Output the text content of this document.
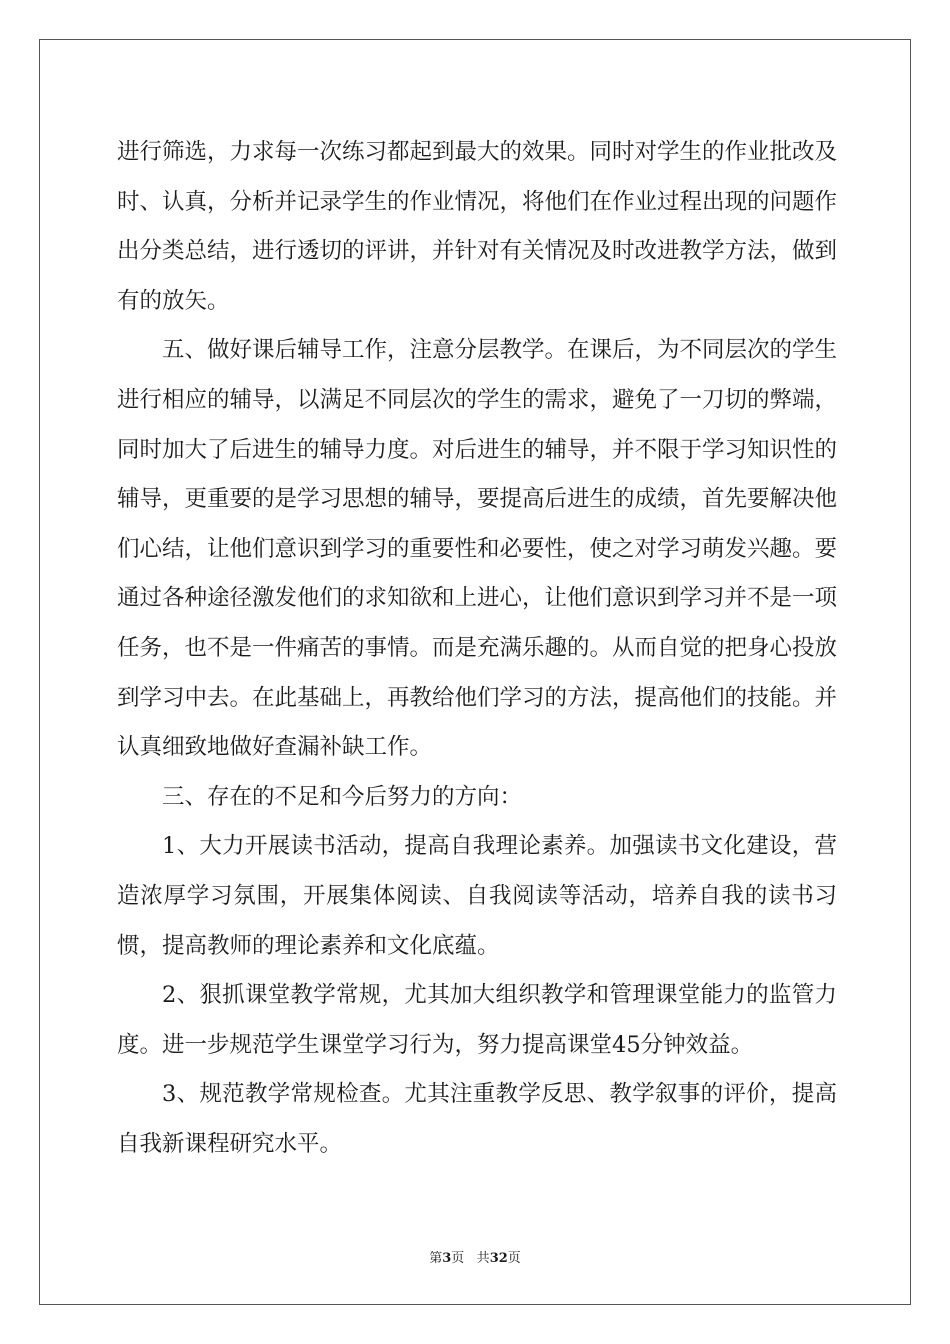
进行筛选，力求每一次练习都起到最大的效果。同时对学生的作业批改及时、认真，分析并记录学生的作业情况，将他们在作业过程出现的问题作出分类总结，进行透切的评讲，并针对有关情况及时改进教学方法，做到有的放矢。

五、做好课后辅导工作，注意分层教学。在课后，为不同层次的学生进行相应的辅导，以满足不同层次的学生的需求，避免了一刀切的弊端，同时加大了后进生的辅导力度。对后进生的辅导，并不限于学习知识性的辅导，更重要的是学习思想的辅导，要提高后进生的成绩，首先要解决他们心结，让他们意识到学习的重要性和必要性，使之对学习萌发兴趣。要通过各种途径激发他们的求知欲和上进心，让他们意识到学习并不是一项任务，也不是一件痛苦的事情。而是充满乐趣的。从而自觉的把身心投放到学习中去。在此基础上，再教给他们学习的方法，提高他们的技能。并认真细致地做好查漏补缺工作。

三、存在的不足和今后努力的方向：

1、大力开展读书活动，提高自我理论素养。加强读书文化建设，营造浓厚学习氛围，开展集体阅读、自我阅读等活动，培养自我的读书习惯，提高教师的理论素养和文化底蕴。

2、狠抓课堂教学常规，尤其加大组织教学和管理课堂能力的监管力度。进一步规范学生课堂学习行为，努力提高课堂45分钟效益。

3、规范教学常规检查。尤其注重教学反思、教学叙事的评价，提高自我新课程研究水平。

第3页 共32页
